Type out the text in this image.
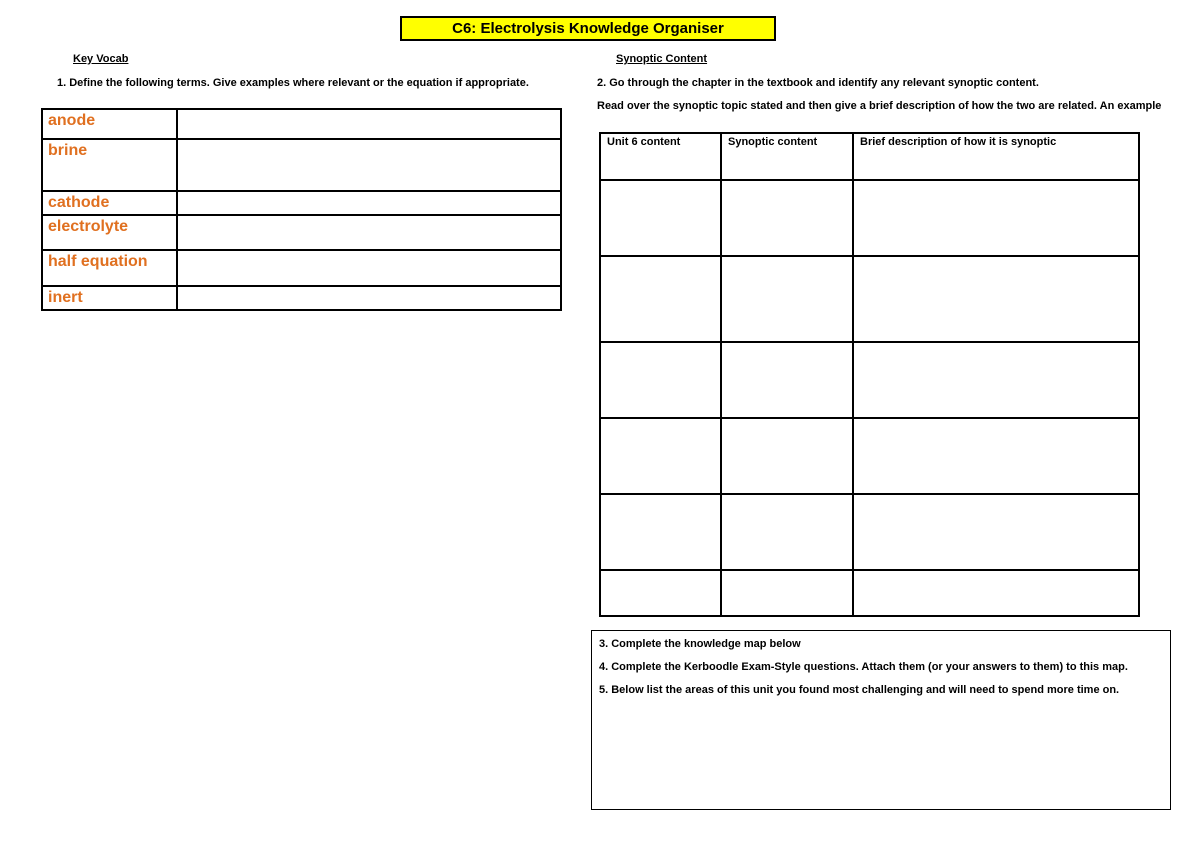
C6: Electrolysis Knowledge Organiser
Key Vocab
1. Define the following terms. Give examples where relevant or the equation if appropriate.
anode	
brine	
cathode	
electrolyte	
half equation	
inert	
Synoptic Content
2. Go through the chapter in the textbook and identify any relevant synoptic content.
Read over the synoptic topic stated and then give a brief description of how the two are related. An example
Unit 6 content	Synoptic content	Brief description of how it is synoptic

3. Complete the knowledge map below

4. Complete the Kerboodle Exam-Style questions. Attach them (or your answers to them) to this map.

5. Below list the areas of this unit you found most challenging and will need to spend more time on.
